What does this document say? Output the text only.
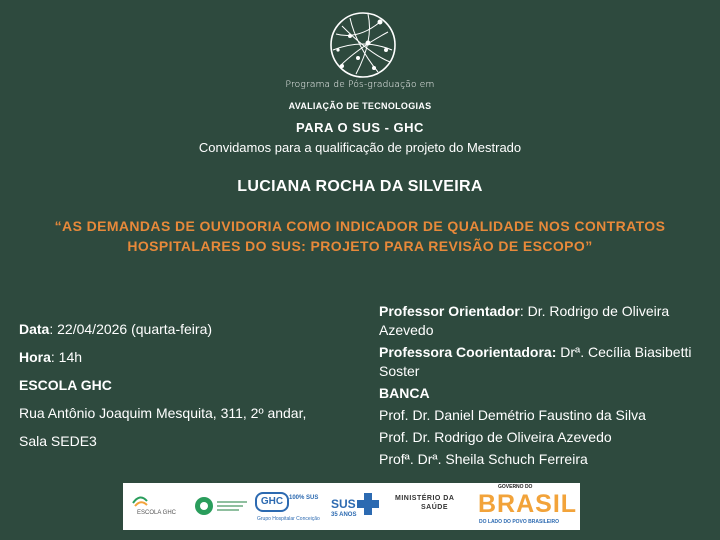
Programa de Pós-graduação em
AVALIAÇÃO DE TECNOLOGIAS
PARA O SUS - GHC
Convidamos para a qualificação de projeto do Mestrado
LUCIANA ROCHA DA SILVEIRA
“AS DEMANDAS DE OUVIDORIA COMO INDICADOR DE QUALIDADE NOS CONTRATOS HOSPITALARES DO SUS: PROJETO PARA REVISÃO DE ESCOPO”
Data: 22/04/2026 (quarta-feira)
Hora: 14h
ESCOLA GHC
Rua Antônio Joaquim Mesquita, 311, 2º andar,
Sala SEDE3
Professor Orientador: Dr. Rodrigo de Oliveira Azevedo
Professora Coorientadora: Drª. Cecília Biasibetti Soster
BANCA
Prof. Dr. Daniel Demétrio Faustino da Silva
Prof. Dr. Rodrigo de Oliveira Azevedo
Profª. Drª. Sheila Schuch Ferreira
ESCOLA GHC
GHC 100% SUS
Grupo Hospitalar Conceição
SUS
35 ANOS
MINISTÉRIO DA
SAÚDE
GOVERNO DO
BRASIL
DO LADO DO POVO BRASILEIRO
